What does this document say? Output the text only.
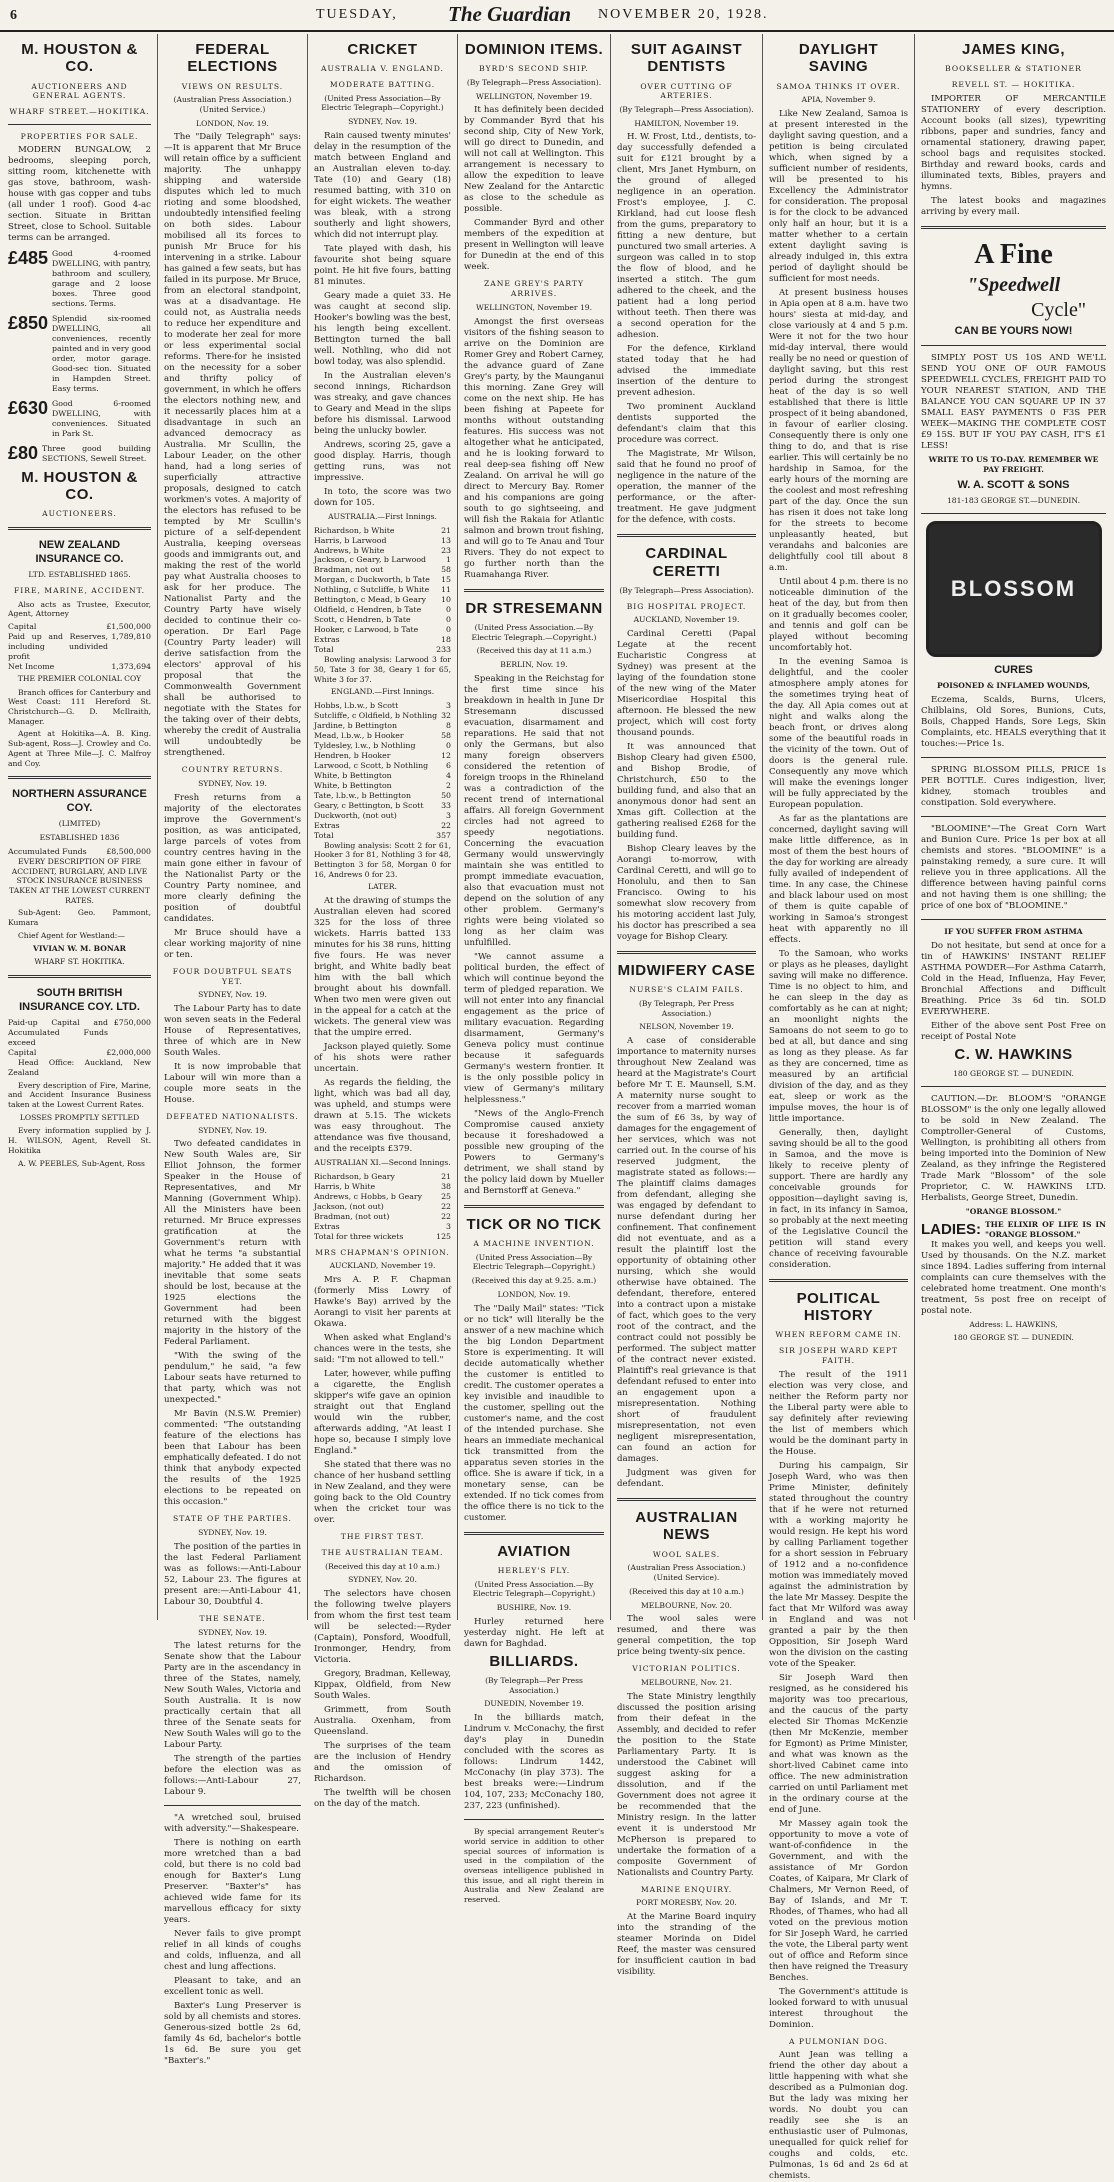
6	TUESDAY, The Guardian NOVEMBER 20, 1928.
M. HOUSTON & CO.
AUCTIONEERS AND GENERAL AGENTS.
WHARF STREET.—HOKITIKA.
PROPERTIES FOR SALE.

MODERN BUNGALOW, 2 bedrooms, sleeping porch, sitting room, kitchenette with gas stove, bathroom, wash-house with gas copper and tubs (all under 1 roof). Good 4-ac section. Situate in Brittan Street, close to School. Suitable terms can be arranged.

£485 Good 4-roomed DWELLING, with pantry, bathroom and scullery, garage and 2 loose boxes. Three good sections. Terms.
£850 Splendid six-roomed DWELLING, all conveniences, recently painted and in very good order, motor garage. Good-sec tion. Situated in Hampden Street. Easy terms.
£630 Good 6-roomed DWELLING, with conveniences. Situated in Park St.
£80 Three good building SECTIONS, Sewell Street.
M. HOUSTON & CO.
AUCTIONEERS.
NEW ZEALAND INSURANCE CO.
LTD. ESTABLISHED 1865.
FIRE, MARINE, ACCIDENT.

Also acts as Trustee, Executor, Agent, Attorney

Capital	£1,500,000
Paid up and Reserves, including undivided profit
1,789,810
Net Income	1,373,694
THE PREMIER COLONIAL COY

Branch offices for Canterbury and West Coast: 111 Hereford St. Christchurch—G. D. McIlraith, Manager.

Agent at Hokitika—A. B. King. Sub-agent, Ross—J. Crowley and Co. Agent at Three Mile—J. C. Malfroy and Coy.

NORTHERN ASSURANCE COY.
(LIMITED)
ESTABLISHED 1836
Accumulated Funds	£8,500,000

EVERY DESCRIPTION OF FIRE ACCIDENT, BURGLARY, AND LIVE STOCK INSURANCE BUSINESS TAKEN AT THE LOWEST CURRENT RATES.

Sub-Agent: Geo. Pammont, Kumara

Chief Agent for Westland:—

VIVIAN W. M. BONAR
WHARF ST. HOKITIKA.
SOUTH BRITISH INSURANCE COY. LTD.
Paid-up Capital and Accumulated Funds exceed
£750,000
Capital	£2,000,000

Head Office: Auckland, New Zealand

Every description of Fire, Marine, and Accident Insurance Business taken at the Lowest Current Rates.

LOSSES PROMPTLY SETTLED

Every information supplied by J. H. WILSON, Agent, Revell St. Hokitika

A. W. PEEBLES, Sub-Agent, Ross

FEDERAL ELECTIONS
VIEWS ON RESULTS.
(Australian Press Association.) (United Service.)
LONDON, Nov. 19.

The "Daily Telegraph" says:—It is apparent that Mr Bruce will retain office by a sufficient majority. The unhappy shipping and waterside disputes which led to much rioting and some bloodshed, undoubtedly intensified feeling on both sides. Labour mobilised all its forces to punish Mr Bruce for his intervening in a strike. Labour has gained a few seats, but has failed in its purpose. Mr Bruce, from an electoral standpoint, was at a disadvantage. He could not, as Australia needs to reduce her expenditure and to moderate her zeal for more or less experimental social reforms. There-for he insisted on the necessity for a sober and thrifty policy of government, in which he offers the electors nothing new, and it necessarily places him at a disadvantage in such an advanced democracy as Australia. Mr Scullin, the Labour Leader, on the other hand, had a long series of superficially attractive proposals, designed to catch workmen's votes. A majority of the electors has refused to be tempted by Mr Scullin's picture of a self-dependent Australia, keeping overseas goods and immigrants out, and making the rest of the world pay what Australia chooses to ask for her produce. The Nationalist Party and the Country Party have wisely decided to continue their co-operation. Dr Earl Page (Country Party leader) will derive satisfaction from the electors' approval of his proposal that the Commonwealth Government shall be authorised to negotiate with the States for the taking over of their debts, whereby the credit of Australia will undoubtedly be strengthened.

COUNTRY RETURNS.
SYDNEY, Nov. 19.

Fresh returns from a majority of the electorates improve the Government's position, as was anticipated, large parcels of votes from country centres having in the main gone either in favour of the Nationalist Party or the Country Party nominee, and more clearly defining the position of doubtful candidates.

Mr Bruce should have a clear working majority of nine or ten.

FOUR DOUBTFUL SEATS YET.
SYDNEY, Nov. 19.

The Labour Party has to date won seven seats in the Federal House of Representatives, three of which are in New South Wales.

It is now improbable that Labour will win more than a couple more seats in the House.

DEFEATED NATIONALISTS.
SYDNEY, Nov. 19.

Two defeated candidates in New South Wales are, Sir Elliot Johnson, the former Speaker in the House of Representatives, and Mr Manning (Government Whip). All the Ministers have been returned. Mr Bruce expresses gratification at the Government's return with what he terms "a substantial majority." He added that it was inevitable that some seats should be lost, because at the 1925 elections the Government had been returned with the biggest majority in the history of the Federal Parliament.

"With the swing of the pendulum," he said, "a few Labour seats have returned to that party, which was not unexpected."

Mr Bavin (N.S.W. Premier) commented: "The outstanding feature of the elections has been that Labour has been emphatically defeated. I do not think that anybody expected the results of the 1925 elections to be repeated on this occasion."

STATE OF THE PARTIES.
SYDNEY, Nov. 19.

The position of the parties in the last Federal Parliament was as follows:—Anti-Labour 52, Labour 23. The figures at present are:—Anti-Labour 41, Labour 30, Doubtful 4.

THE SENATE.
SYDNEY, Nov. 19.

The latest returns for the Senate show that the Labour Party are in the ascendancy in three of the States, namely, New South Wales, Victoria and South Australia. It is now practically certain that all three of the Senate seats for New South Wales will go to the Labour Party.

The strength of the parties before the election was as follows:—Anti-Labour 27, Labour 9.

"A wretched soul, bruised with adversity."—Shakespeare.

There is nothing on earth more wretched than a bad cold, but there is no cold bad enough for Baxter's Lung Preserver. "Baxter's" has achieved wide fame for its marvellous efficacy for sixty years.

Never fails to give prompt relief in all kinds of coughs and colds, influenza, and all chest and lung affections.

Pleasant to take, and an excellent tonic as well.

Baxter's Lung Preserver is sold by all chemists and stores. Generous-sized bottle 2s 6d, family 4s 6d, bachelor's bottle 1s 6d. Be sure you get "Baxter's."

CRICKET
AUSTRALIA V. ENGLAND.
MODERATE BATTING.
(United Press Association—By Electric Telegraph—Copyright.)
SYDNEY, Nov. 19.

Rain caused twenty minutes' delay in the resumption of the match between England and an Australian eleven to-day. Tate (10) and Geary (18) resumed batting, with 310 on for eight wickets. The weather was bleak, with a strong southerly and light showers, which did not interrupt play.

Tate played with dash, his favourite shot being square point. He hit five fours, batting 81 minutes.

Geary made a quiet 33. He was caught at second slip. Hooker's bowling was the best, his length being excellent. Bettington turned the ball well. Nothling, who did not bowl today, was also splendid.

In the Australian eleven's second innings, Richardson was streaky, and gave chances to Geary and Mead in the slips before his dismissal. Larwood being the unlucky bowler.

Andrews, scoring 25, gave a good display. Harris, though getting runs, was not impressive.

In toto, the score was two down for 105.

AUSTRALIA.—First Innings.
Richardson, b White	21
Harris, b Larwood	13
Andrews, b White	23
Jackson, c Geary, b Larwood	1
Bradman, not out	58
Morgan, c Duckworth, b Tate	15
Nothling, c Sutcliffe, b White	11
Bettington, c Mead, b Geary	10
Oldfield, c Hendren, b Tate	0
Scott, c Hendren, b Tate	0
Hooker, c Larwood, b Tate	0
Extras	18
Total	233

Bowling analysis: Larwood 3 for 50, Tate 3 for 38, Geary 1 for 65, White 3 for 37.

ENGLAND.—First Innings.
Hobbs, l.b.w., b Scott	3
Sutcliffe, c Oldfield, b Nothling	32
Jardine, b Bettington	8
Mead, l.b.w., b Hooker	58
Tyldesley, l.w., b Nothling	0
Hendren, b Hooker	12
Larwood, c Scott, b Nothling	6
White, b Bettington	4
White, b Bettington	2
Tate, l.b.w., b Bettington	50
Geary, c Bettington, b Scott	33
Duckworth, (not out)	3
Extras	22
Total	357

Bowling analysis: Scott 2 for 61, Hooker 3 for 81, Nothling 3 for 48, Bettington 3 for 58, Morgan 0 for 16, Andrews 0 for 23.

LATER.

At the drawing of stumps the Australian eleven had scored 325 for the loss of three wickets. Harris batted 133 minutes for his 38 runs, hitting five fours. He was never bright, and White badly beat him with the ball which brought about his downfall. When two men were given out in the appeal for a catch at the wickets. The general view was that the umpire erred.

Jackson played quietly. Some of his shots were rather uncertain.

As regards the fielding, the light, which was bad all day, was upheld, and stumps were drawn at 5.15. The wickets was easy throughout. The attendance was five thousand, and the receipts £379.

AUSTRALIAN XI.—Second Innings.
Richardson, b Geary	21
Harris, b White	38
Andrews, c Hobbs, b Geary	25
Jackson, (not out)	22
Bradman, (not out)	22
Extras	3
Total for three wickets	125
MRS CHAPMAN'S OPINION.
AUCKLAND, November 19.

Mrs A. P. F. Chapman (formerly Miss Lowry of Hawke's Bay) arrived by the Aorangi to visit her parents at Okawa.

When asked what England's chances were in the tests, she said: "I'm not allowed to tell."

Later, however, while puffing a cigarette, the English skipper's wife gave an opinion straight out that England would win the rubber, afterwards adding, "At least I hope so, because I simply love England."

She stated that there was no chance of her husband settling in New Zealand, and they were going back to the Old Country when the cricket tour was over.

THE FIRST TEST.
THE AUSTRALIAN TEAM.
(Received this day at 10 a.m.)
SYDNEY, Nov. 20.

The selectors have chosen the following twelve players from whom the first test team will be selected:—Ryder (Captain), Ponsford, Woodfull, Ironmonger, Hendry, from Victoria.

Gregory, Bradman, Kelleway, Kippax, Oldfield, from New South Wales.

Grimmett, from South Australia. Oxenham, from Queensland.

The surprises of the team are the inclusion of Hendry and the omission of Richardson.

The twelfth will be chosen on the day of the match.

DOMINION ITEMS.
BYRD'S SECOND SHIP.
(By Telegraph—Press Association).
WELLINGTON, November 19.

It has definitely been decided by Commander Byrd that his second ship, City of New York, will go direct to Dunedin, and will not call at Wellington. This arrangement is necessary to allow the expedition to leave New Zealand for the Antarctic as close to the schedule as possible.

Commander Byrd and other members of the expedition at present in Wellington will leave for Dunedin at the end of this week.

ZANE GREY'S PARTY ARRIVES.
WELLINGTON, November 19.

Amongst the first overseas visitors of the fishing season to arrive on the Dominion are Romer Grey and Robert Carney, the advance guard of Zane Grey's party, by the Maunganui this morning. Zane Grey will come on the next ship. He has been fishing at Papeete for months without outstanding features. His success was not altogether what he anticipated, and he is looking forward to real deep-sea fishing off New Zealand. On arrival he will go direct to Mercury Bay. Romer and his companions are going south to go sightseeing, and will fish the Rakaia for Atlantic salmon and brown trout fishing, and will go to Te Anau and Tour Rivers. They do not expect to go further north than the Ruamahanga River.

DR STRESEMANN
(United Press Association.—By Electric Telegraph.—Copyright.)
(Received this day at 11 a.m.)
BERLIN, Nov. 19.

Speaking in the Reichstag for the first time since his breakdown in health in June Dr Stresemann discussed evacuation, disarmament and reparations. He said that not only the Germans, but also many foreign observers considered the retention of foreign troops in the Rhineland was a contradiction of the recent trend of international affairs. All foreign Government circles had not agreed to speedy negotiations. Concerning the evacuation Germany would unswervingly maintain she was entitled to prompt immediate evacuation, also that evacuation must not depend on the solution of any other problem. Germany's rights were being violated so long as her claim was unfulfilled.

"We cannot assume a political burden, the effect of which will continue beyond the term of pledged reparation. We will not enter into any financial engagement as the price of military evacuation. Regarding disarmament, Germany's Geneva policy must continue because it safeguards Germany's western frontier. It is the only possible policy in view of Germany's military helplessness."

"News of the Anglo-French Compromise caused anxiety because it foreshadowed a possible new grouping of the Powers to Germany's detriment, we shall stand by the policy laid down by Mueller and Bernstorff at Geneva."

TICK OR NO TICK
A MACHINE INVENTION.
(United Press Association—By Electric Telegraph—Copyright.)
(Received this day at 9.25. a.m.)
LONDON, Nov. 19.

The "Daily Mail" states: "Tick or no tick" will literally be the answer of a new machine which the big London Department Store is experimenting. It will decide automatically whether the customer is entitled to credit. The customer operates a key invisible and inaudible to the customer, spelling out the customer's name, and the cost of the intended purchase. She hears an immediate mechanical tick transmitted from the apparatus seven stories in the office. She is aware if tick, in a monetary sense, can be extended. If no tick comes from the office there is no tick to the customer.

AVIATION
HERLEY'S FLY.
(United Press Association.—By Electric Telegraph—Copyright.)
BUSHIRE, Nov. 19.

Hurley returned here yesterday night. He left at dawn for Baghdad.

BILLIARDS.
(By Telegraph—Per Press Association.)
DUNEDIN, November 19.

In the billiards match, Lindrum v. McConachy, the first day's play in Dunedin concluded with the scores as follows: Lindrum 1442, McConachy (in play 373). The best breaks were:—Lindrum 104, 107, 233; McConachy 180, 237, 223 (unfinished).

By special arrangement Reuter's world service in addition to other special sources of information is used in the compilation of the overseas intelligence published in this issue, and all right therein in Australia and New Zealand are reserved.

SUIT AGAINST DENTISTS
OVER CUTTING OF ARTERIES.
(By Telegraph—Press Association).
HAMILTON, November 19.

H. W. Frost, Ltd., dentists, to-day successfully defended a suit for £121 brought by a client, Mrs Janet Hymburn, on the ground of alleged negligence in an operation. Frost's employee, J. C. Kirkland, had cut loose flesh from the gums, preparatory to fitting a new denture, but punctured two small arteries. A surgeon was called in to stop the flow of blood, and he inserted a stitch. The gum adhered to the cheek, and the patient had a long period without teeth. Then there was a second operation for the adhesion.

For the defence, Kirkland stated today that he had advised the immediate insertion of the denture to prevent adhesion.

Two prominent Auckland dentists supported the defendant's claim that this procedure was correct.

The Magistrate, Mr Wilson, said that he found no proof of negligence in the nature of the operation, the manner of the performance, or the after-treatment. He gave judgment for the defence, with costs.

CARDINAL CERETTI
(By Telegraph—Press Association).
BIG HOSPITAL PROJECT.
AUCKLAND, November 19.

Cardinal Ceretti (Papal Legate at the recent Eucharistic Congress at Sydney) was present at the laying of the foundation stone of the new wing of the Mater Misericordiae Hospital this afternoon. He blessed the new project, which will cost forty thousand pounds.

It was announced that Bishop Cleary had given £500, and Bishop Brodie, of Christchurch, £50 to the building fund, and also that an anonymous donor had sent an Xmas gift. Collection at the gathering realised £268 for the building fund.

Bishop Cleary leaves by the Aorangi to-morrow, with Cardinal Ceretti, and will go to Honolulu, and then to San Francisco. Owing to his somewhat slow recovery from his motoring accident last July, his doctor has prescribed a sea voyage for Bishop Cleary.

MIDWIFERY CASE
NURSE'S CLAIM FAILS.
(By Telegraph, Per Press Association.)
NELSON, November 19.

A case of considerable importance to maternity nurses throughout New Zealand was heard at the Magistrate's Court before Mr T. E. Maunsell, S.M. A maternity nurse sought to recover from a married woman the sum of £6 3s, by way of damages for the engagement of her services, which was not carried out. In the course of his reserved judgment, the magistrate stated as follows:—The plaintiff claims damages from defendant, alleging she was engaged by defendant to nurse defendant during her confinement. That confinement did not eventuate, and as a result the plaintiff lost the opportunity of obtaining other nursing, which she would otherwise have obtained. The defendant, therefore, entered into a contract upon a mistake of fact, which goes to the very root of the contract, and the contract could not possibly be performed. The subject matter of the contract never existed. Plaintiff's real grievance is that defendant refused to enter into an engagement upon a misrepresentation. Nothing short of fraudulent misrepresentation, not even negligent misrepresentation, can found an action for damages.

Judgment was given for defendant.

AUSTRALIAN NEWS
WOOL SALES.
(Australian Press Association.) (United Service).
(Received this day at 10 a.m.)
MELBOURNE, Nov. 20.

The wool sales were resumed, and there was general competition, the top price being twenty-six pence.

VICTORIAN POLITICS.
MELBOURNE, Nov. 21.

The State Ministry lengthily discussed the position arising from their defeat in the Assembly, and decided to refer the position to the State Parliamentary Party. It is understood the Cabinet will suggest asking for a dissolution, and if the Government does not agree it be recommended that the Ministry resign. In the latter event it is understood Mr McPherson is prepared to undertake the formation of a composite Government of Nationalists and Country Party.

MARINE ENQUIRY.
PORT MORESBY, Nov. 20.

At the Marine Board inquiry into the stranding of the steamer Morinda on Didel Reef, the master was censured for insufficient caution in bad visibility.

DAYLIGHT SAVING
SAMOA THINKS IT OVER.
APIA, November 9.

Like New Zealand, Samoa is at present interested in the daylight saving question, and a petition is being circulated which, when signed by a sufficient number of residents, will be presented to his Excellency the Administrator for consideration. The proposal is for the clock to be advanced only half an hour, but it is a matter whether to a certain extent daylight saving is already indulged in, this extra period of daylight should be sufficient for most needs.

At present business houses in Apia open at 8 a.m. have two hours' siesta at mid-day, and close variously at 4 and 5 p.m. Were it not for the two hour mid-day interval, there would really be no need or question of daylight saving, but this rest period during the strongest heat of the day is so well established that there is little prospect of it being abandoned, in favour of earlier closing. Consequently there is only one thing to do, and that is rise earlier. This will certainly be no hardship in Samoa, for the early hours of the morning are the coolest and most refreshing part of the day. Once the sun has risen it does not take long for the streets to become unpleasantly heated, but verandahs and balconies are delightfully cool till about 8 a.m.

Until about 4 p.m. there is no noticeable diminution of the heat of the day, but from then on it gradually becomes cooler, and tennis and golf can be played without becoming uncomfortably hot.

In the evening Samoa is delightful, and the cooler atmosphere amply atones for the sometimes trying heat of the day. All Apia comes out at night and walks along the beach front, or drives along some of the beautiful roads in the vicinity of the town. Out of doors is the general rule. Consequently any move which will make the evenings longer will be fully appreciated by the European population.

As far as the plantations are concerned, daylight saving will make little difference, as in most of them the best hours of the day for working are already fully availed of independent of time. In any case, the Chinese and black labour used on most of them is quite capable of working in Samoa's strongest heat with apparently no ill effects.

To the Samoan, who works or plays as he pleases, daylight saving will make no difference. Time is no object to him, and he can sleep in the day as comfortably as he can at night; an moonlight nights the Samoans do not seem to go to bed at all, but dance and sing as long as they please. As far as they are concerned, time as measured by an artificial division of the day, and as they eat, sleep or work as the impulse moves, the hour is of little importance.

Generally, then, daylight saving should be all to the good in Samoa, and the move is likely to receive plenty of support. There are hardly any conceivable grounds for opposition—daylight saving is, in fact, in its infancy in Samoa, so probably at the next meeting of the Legislative Council the petition will stand every chance of receiving favourable consideration.

POLITICAL HISTORY
WHEN REFORM CAME IN.
SIR JOSEPH WARD KEPT FAITH.

The result of the 1911 election was very close, and neither the Reform party nor the Liberal party were able to say definitely after reviewing the list of members which would be the dominant party in the House.

During his campaign, Sir Joseph Ward, who was then Prime Minister, definitely stated throughout the country that if he were not returned with a working majority he would resign. He kept his word by calling Parliament together for a short session in February of 1912 and a no-confidence motion was immediately moved against the administration by the late Mr Massey. Despite the fact that Mr Wilford was away in England and was not granted a pair by the then Opposition, Sir Joseph Ward won the division on the casting vote of the Speaker.

Sir Joseph Ward then resigned, as he considered his majority was too precarious, and the caucus of the party elected Sir Thomas McKenzie (then Mr McKenzie, member for Egmont) as Prime Minister, and what was known as the short-lived Cabinet came into office. The new administration carried on until Parliament met in the ordinary course at the end of June.

Mr Massey again took the opportunity to move a vote of want-of-confidence in the Government, and with the assistance of Mr Gordon Coates, of Kaipara, Mr Clark of Chalmers, Mr Vernon Reed, of Bay of Islands, and Mr T. Rhodes, of Thames, who had all voted on the previous motion for Sir Joseph Ward, he carried the vote, the Liberal party went out of office and Reform since then have reigned the Treasury Benches.

The Government's attitude is looked forward to with unusual interest throughout the Dominion.

A PULMONIAN DOG.

Aunt Jean was telling a friend the other day about a little happening with what she described as a Pulmonian dog. But the lady was mixing her words. No doubt you can readily see she is an enthusiastic user of Pulmonas, unequalled for quick relief for coughs and colds, etc. Pulmonas, 1s 6d and 2s 6d at chemists.

JAMES KING,
BOOKSELLER & STATIONER
REVELL ST. — HOKITIKA.

IMPORTER OF MERCANTILE STATIONERY of every description. Account books (all sizes), typewriting ribbons, paper and sundries, fancy and ornamental stationery, drawing paper, school bags and requisites stocked. Birthday and reward books, cards and illuminated texts, Bibles, prayers and hymns.

The latest books and magazines arriving by every mail.

A Fine
"Speedwell
Cycle"
CAN BE YOURS NOW!

SIMPLY POST US 10S AND WE'LL SEND YOU ONE OF OUR FAMOUS SPEEDWELL CYCLES, FREIGHT PAID TO YOUR NEAREST STATION, AND THE BALANCE YOU CAN SQUARE UP IN 37 SMALL EASY PAYMENTS 0 F3S PER WEEK—MAKING THE COMPLETE COST £9 15S. BUT IF YOU PAY CASH, IT'S £1 LESS!

WRITE TO US TO-DAY. REMEMBER WE PAY FREIGHT.
W. A. SCOTT & SONS
181-183 GEORGE ST.—DUNEDIN.
BLOSSOM
CURES
POISONED & INFLAMED WOUNDS,

Eczema, Scalds, Burns, Ulcers, Chilblains, Old Sores, Bunions, Cuts, Boils, Chapped Hands, Sore Legs, Skin Complaints, etc. HEALS everything that it touches:—Price 1s.

SPRING BLOSSOM PILLS, PRICE 1s PER BOTTLE. Cures indigestion, liver, kidney, stomach troubles and constipation. Sold everywhere.

"BLOOMINE"—The Great Corn Wart and Bunion Cure. Price 1s per box at all chemists and stores. "BLOOMINE" is a painstaking remedy, a sure cure. It will relieve you in three applications. All the difference between having painful corns and not having them is one shilling; the price of one box of "BLOOMINE."

IF YOU SUFFER FROM ASTHMA

Do not hesitate, but send at once for a tin of HAWKINS' INSTANT RELIEF ASTHMA POWDER—For Asthma Catarrh, Cold in the Head, Influenza, Hay Fever, Bronchial Affections and Difficult Breathing. Price 3s 6d tin. SOLD EVERYWHERE.

Either of the above sent Post Free on receipt of Postal Note

C. W. HAWKINS
180 GEORGE ST. — DUNEDIN.

CAUTION.—Dr. BLOOM'S "ORANGE BLOSSOM" is the only one legally allowed to be sold in New Zealand. The Comptroller-General of Customs, Wellington, is prohibiting all others from being imported into the Dominion of New Zealand, as they infringe the Registered Trade Mark "Blossom" of the sole Proprietor, C. W. HAWKINS LTD. Herbalists, George Street, Dunedin.

"ORANGE BLOSSOM."
LADIES: THE ELIXIR OF LIFE IS IN "ORANGE BLOSSOM."

It makes you well, and keeps you well. Used by thousands. On the N.Z. market since 1894. Ladies suffering from internal complaints can cure themselves with the celebrated home treatment. One month's treatment, 5s post free on receipt of postal note.

Address: L. HAWKINS,
180 GEORGE ST. — DUNEDIN.
